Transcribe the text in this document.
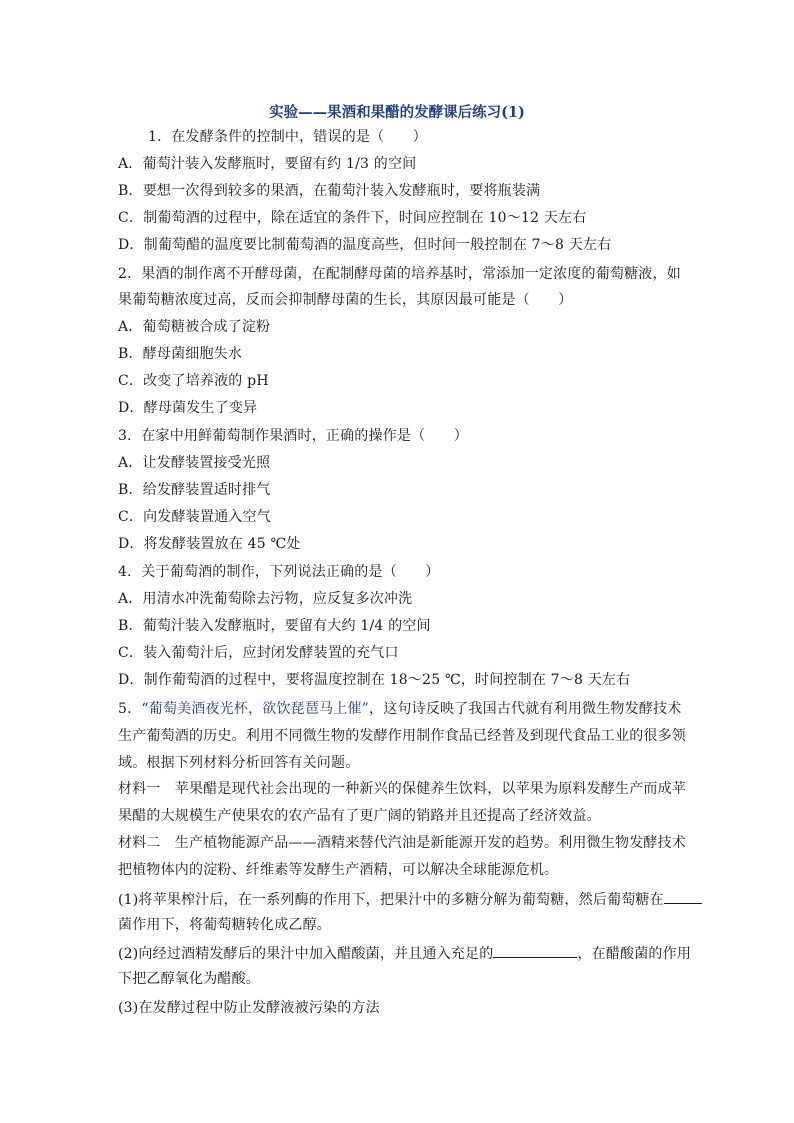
实验——果酒和果醋的发酵课后练习(1)
1．在发酵条件的控制中，错误的是（　　）
A．葡萄汁装入发酵瓶时，要留有约 1/3 的空间
B．要想一次得到较多的果酒，在葡萄汁装入发酵瓶时，要将瓶装满
C．制葡萄酒的过程中，除在适宜的条件下，时间应控制在 10～12 天左右
D．制葡萄醋的温度要比制葡萄酒的温度高些，但时间一般控制在 7～8 天左右
2．果酒的制作离不开酵母菌，在配制酵母菌的培养基时，常添加一定浓度的葡萄糖液，如
果葡萄糖浓度过高，反而会抑制酵母菌的生长，其原因最可能是（　　）
A．葡萄糖被合成了淀粉
B．酵母菌细胞失水
C．改变了培养液的 pH
D．酵母菌发生了变异
3．在家中用鲜葡萄制作果酒时，正确的操作是（　　）
A．让发酵装置接受光照
B．给发酵装置适时排气
C．向发酵装置通入空气
D．将发酵装置放在 45 ℃处
4．关于葡萄酒的制作，下列说法正确的是（　　）
A．用清水冲洗葡萄除去污物，应反复多次冲洗
B．葡萄汁装入发酵瓶时，要留有大约 1/4 的空间
C．装入葡萄汁后，应封闭发酵装置的充气口
D．制作葡萄酒的过程中，要将温度控制在 18～25 ℃，时间控制在 7～8 天左右
5．“葡萄美酒夜光杯，欲饮琵琶马上催”，这句诗反映了我国古代就有利用微生物发酵技术
生产葡萄酒的历史。利用不同微生物的发酵作用制作食品已经普及到现代食品工业的很多领
域。根据下列材料分析回答有关问题。
材料一　苹果醋是现代社会出现的一种新兴的保健养生饮料，以苹果为原料发酵生产而成苹
果醋的大规模生产使果农的农产品有了更广阔的销路并且还提高了经济效益。
材料二　生产植物能源产品——酒精来替代汽油是新能源开发的趋势。利用微生物发酵技术
把植物体内的淀粉、纤维素等发酵生产酒精，可以解决全球能源危机。
(1)将苹果榨汁后，在一系列酶的作用下，把果汁中的多糖分解为葡萄糖，然后葡萄糖在
菌作用下，将葡萄糖转化成乙醇。
(2)向经过酒精发酵后的果汁中加入醋酸菌，并且通入充足的	，在醋酸菌的作用
下把乙醇氧化为醋酸。
(3)在发酵过程中防止发酵液被污染的方法
